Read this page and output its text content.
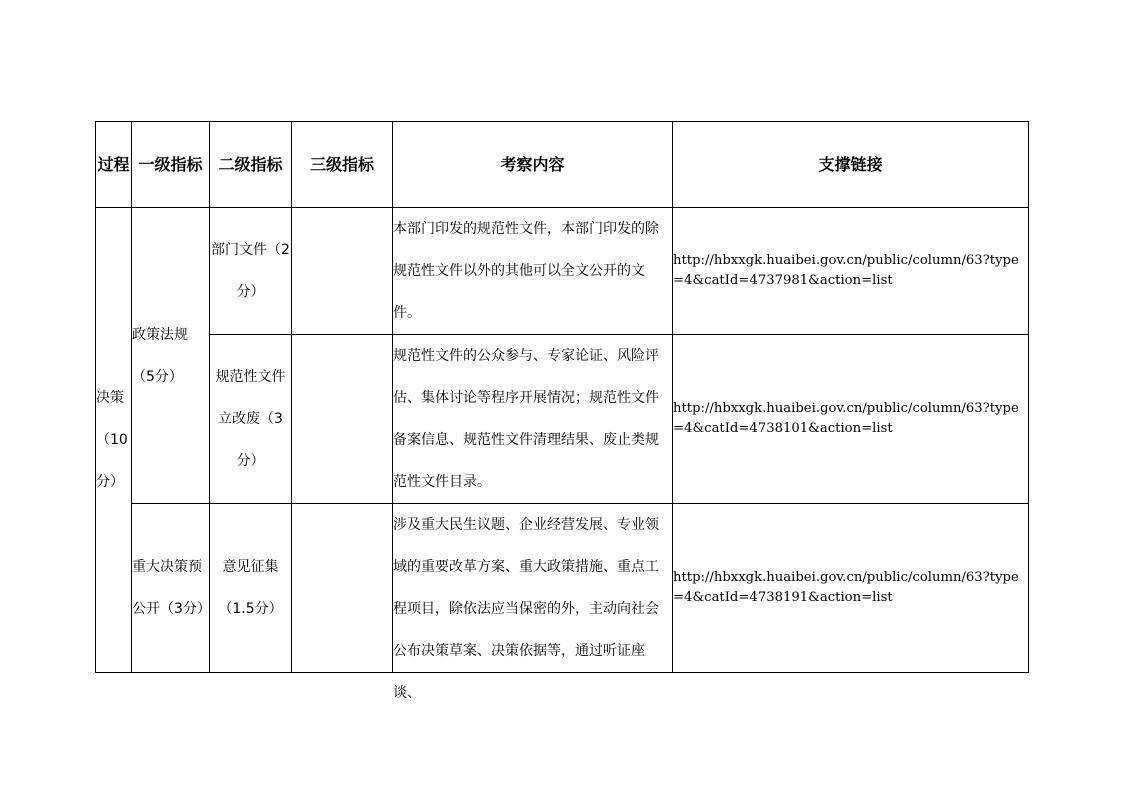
过程	一级指标	二级指标	三级指标	考察内容	支撑链接
决策（10分）	政策法规（5分）	部门文件（2分）		本部门印发的规范性文件，本部门印发的除规范性文件以外的其他可以全文公开的文件。	http://hbxxgk.huaibei.gov.cn/public/column/63?type=4&catId=4737981&action=list
		规范性文件立改废（3分）		规范性文件的公众参与、专家论证、风险评估、集体讨论等程序开展情况；规范性文件备案信息、规范性文件清理结果、废止类规范性文件目录。	http://hbxxgk.huaibei.gov.cn/public/column/63?type=4&catId=4738101&action=list
	重大决策预公开（3分）	意见征集（1.5分）		涉及重大民生议题、企业经营发展、专业领域的重要改革方案、重大政策措施、重点工程项目，除依法应当保密的外，主动向社会公布决策草案、决策依据等，通过听证座谈、	http://hbxxgk.huaibei.gov.cn/public/column/63?type=4&catId=4738191&action=list
